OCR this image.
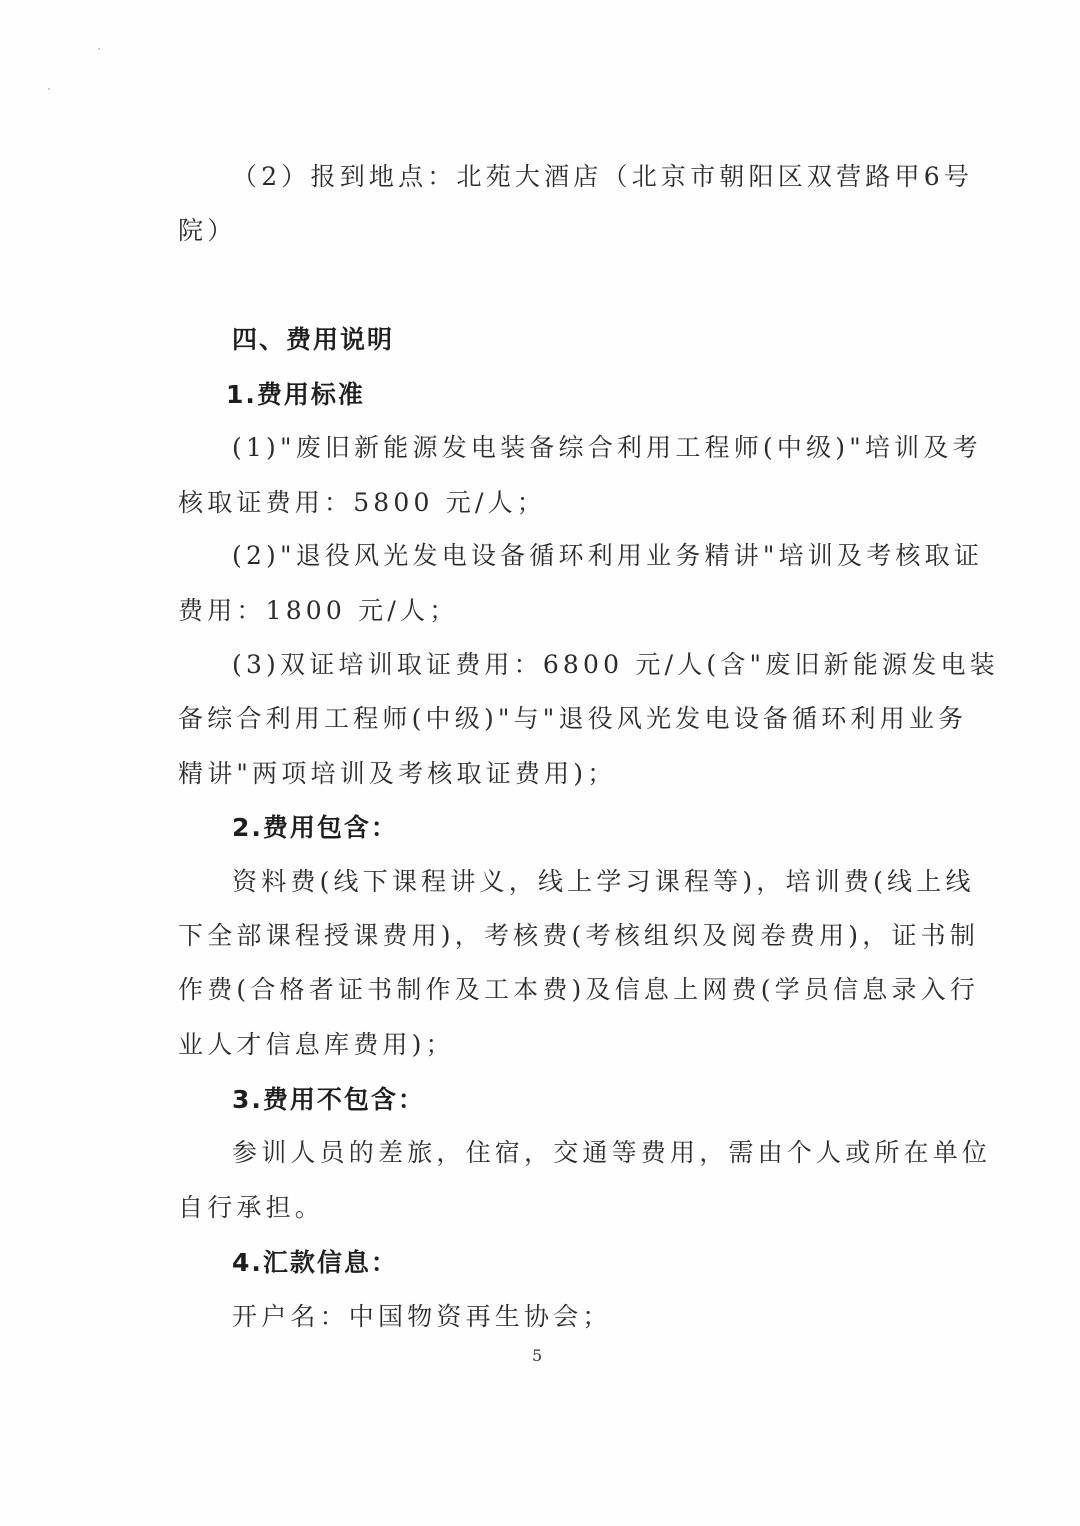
（2）报到地点：北苑大酒店（北京市朝阳区双营路甲6号
院）
四、费用说明
1.费用标准
(1)"废旧新能源发电装备综合利用工程师(中级)"培训及考
核取证费用：5800 元/人；
(2)"退役风光发电设备循环利用业务精讲"培训及考核取证
费用：1800 元/人；
(3)双证培训取证费用：6800 元/人(含"废旧新能源发电装
备综合利用工程师(中级)"与"退役风光发电设备循环利用业务
精讲"两项培训及考核取证费用)；
2.费用包含：
资料费(线下课程讲义，线上学习课程等)，培训费(线上线
下全部课程授课费用)，考核费(考核组织及阅卷费用)，证书制
作费(合格者证书制作及工本费)及信息上网费(学员信息录入行
业人才信息库费用)；
3.费用不包含：
参训人员的差旅，住宿，交通等费用，需由个人或所在单位
自行承担。
4.汇款信息：
开户名：中国物资再生协会；
5
